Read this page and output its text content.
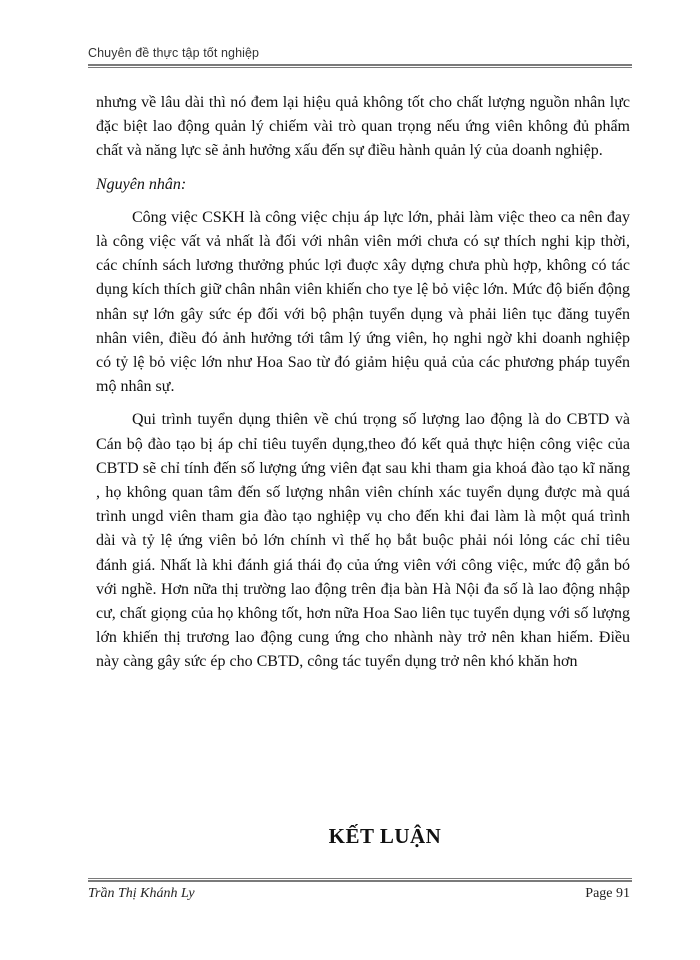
Chuyên đề thực tập tốt nghiệp

nhưng về lâu dài thì nó đem lại hiệu quả không tốt cho chất lượng nguồn nhân lực đặc biệt lao động quản lý chiếm vài trò quan trọng nếu ứng viên không đủ phẩm chất và năng lực sẽ ảnh hưởng xấu đến sự điều hành quản lý của doanh nghiệp.

Nguyên nhân:

Công việc CSKH là công việc chịu áp lực lớn, phải làm việc theo ca nên đay là công việc vất vả nhất là đối với nhân viên mới chưa có sự thích nghi kịp thời, các chính sách lương thưởng phúc lợi đuợc xây dựng chưa phù hợp, không có tác dụng kích thích giữ chân nhân viên khiến cho tye lệ bỏ việc lớn. Mức độ biến động nhân sự lớn gây sức ép đối với bộ phận tuyển dụng và phải liên tục đăng tuyển nhân viên, điều đó ảnh hưởng tới tâm lý ứng viên, họ nghi ngờ khi doanh nghiệp có tỷ lệ bỏ việc lớn như Hoa Sao từ đó giảm hiệu quả của các phương pháp tuyển mộ nhân sự.

Qui trình tuyển dụng thiên về chú trọng số lượng lao động là do CBTD và Cán bộ đào tạo bị áp chỉ tiêu tuyển dụng,theo đó kết quả thực hiện công việc của CBTD sẽ chỉ tính đến số lượng ứng viên đạt sau khi tham gia khoá đào tạo kĩ năng , họ không quan tâm đến số lượng nhân viên chính xác tuyển dụng được mà quá trình ungd viên tham gia đào tạo nghiệp vụ cho đến khi đai làm là một quá trình dài và tỷ lệ ứng viên bỏ lớn chính vì thế họ bắt buộc phải nói lỏng các chỉ tiêu đánh giá. Nhất là khi đánh giá thái đọ của ứng viên với công việc, mức độ gắn bó với nghề. Hơn nữa thị trường lao động trên địa bàn Hà Nội đa số là lao động nhập cư, chất giọng của họ không tốt, hơn nữa Hoa Sao liên tục tuyển dụng với số lượng lớn khiến thị trương lao động cung ứng cho nhành này trở nên khan hiếm. Điều này càng gây sức ép cho CBTD, công tác tuyển dụng trở nên khó khăn hơn

KẾT LUẬN
Trần Thị Khánh Ly	Page 91
